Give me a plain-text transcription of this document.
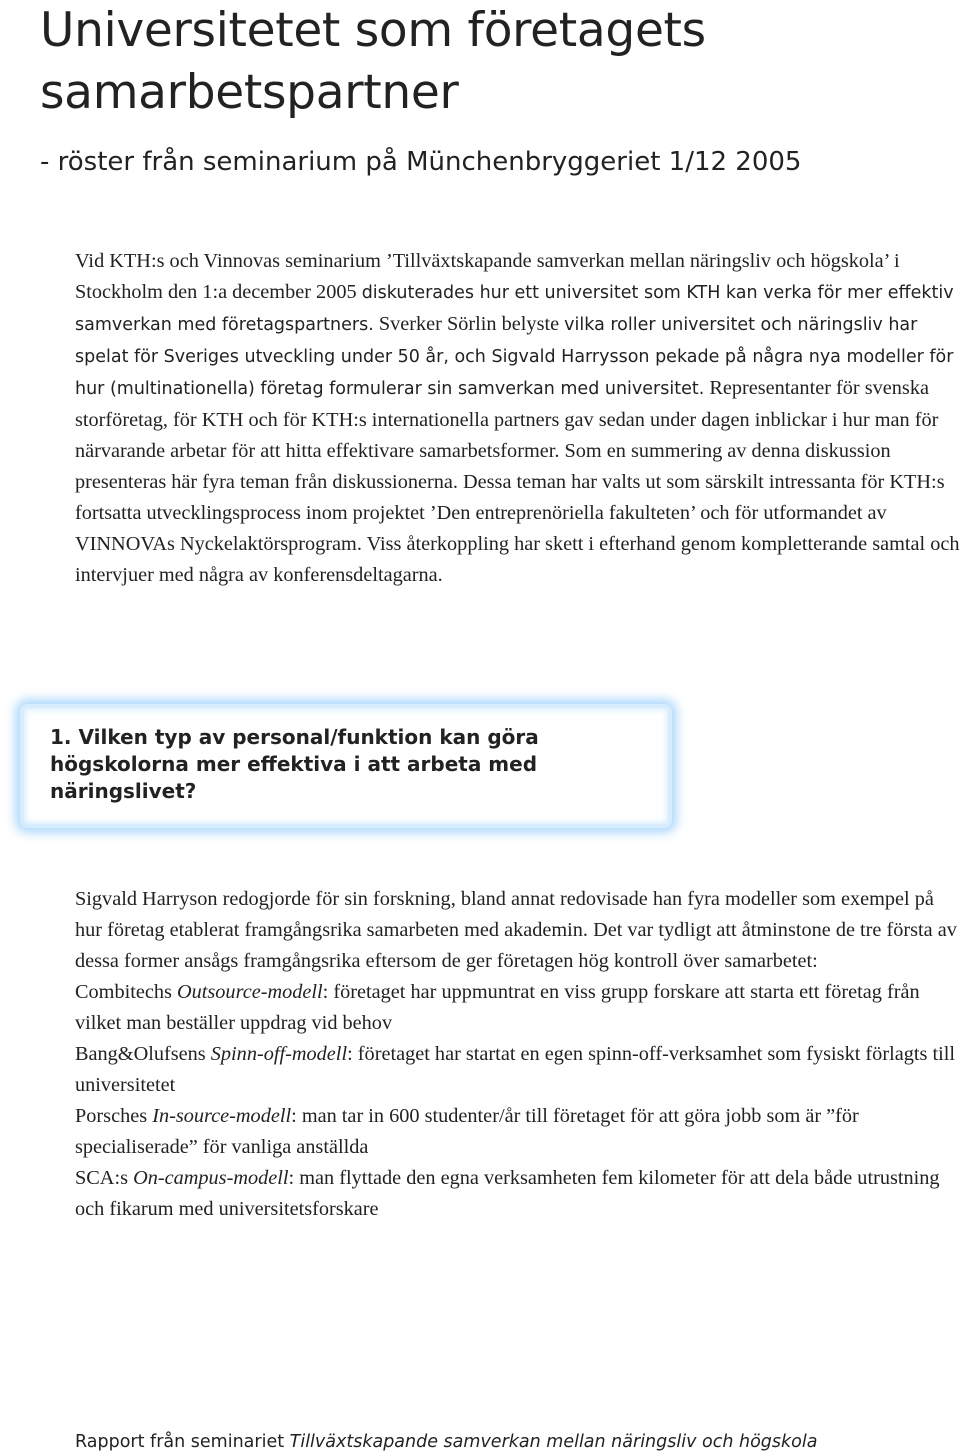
Universitetet som företagets
samarbetspartner
- röster från seminarium på Münchenbryggeriet 1/12 2005

Vid KTH:s och Vinnovas seminarium ’Tillväxtskapande samverkan mellan näringsliv och högskola’ i Stockholm den 1:a december 2005 diskuterades hur ett universitet som KTH kan verka för mer effektiv samverkan med företagspartners. Sverker Sörlin belyste vilka roller universitet och näringsliv har spelat för Sveriges utveckling under 50 år, och Sigvald Harrysson pekade på några nya modeller för hur (multinationella) företag formulerar sin samverkan med universitet. Representanter för svenska storföretag, för KTH och för KTH:s internationella partners gav sedan under dagen inblickar i hur man för närvarande arbetar för att hitta effektivare samarbetsformer. Som en summering av denna diskussion presenteras här fyra teman från diskussionerna. Dessa teman har valts ut som särskilt intressanta för KTH:s fortsatta utvecklingsprocess inom projektet ’Den entreprenöriella fakulteten’ och för utformandet av VINNOVAs Nyckelaktörsprogram. Viss återkoppling har skett i efterhand genom kompletterande samtal och intervjuer med några av konferensdeltagarna.

1. Vilken typ av personal/funktion kan göra
högskolorna mer effektiva i att arbeta med
näringslivet?

Sigvald Harryson redogjorde för sin forskning, bland annat redovisade han fyra modeller som exempel på hur företag etablerat framgångsrika samarbeten med akademin. Det var tydligt att åtminstone de tre första av dessa former ansågs framgångsrika eftersom de ger företagen hög kontroll över samarbetet:

Combitechs Outsource-modell: företaget har uppmuntrat en viss grupp forskare att starta ett företag från vilket man beställer uppdrag vid behov

Bang&Olufsens Spinn-off-modell: företaget har startat en egen spinn-off-verksamhet som fysiskt förlagts till universitetet

Porsches In-source-modell: man tar in 600 studenter/år till företaget för att göra jobb som är ”för specialiserade” för vanliga anställda

SCA:s On-campus-modell: man flyttade den egna verksamheten fem kilometer för att dela både utrustning och fikarum med universitetsforskare

Rapport från seminariet Tillväxtskapande samverkan mellan näringsliv och högskola
